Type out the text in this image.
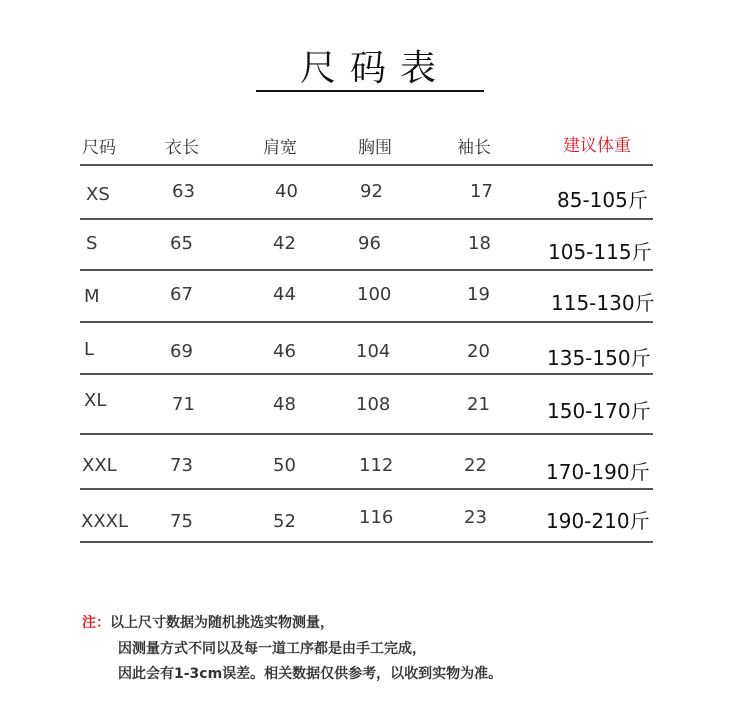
尺码表
尺码	衣长	肩宽	胸围	袖长	建议体重
XS	63	40	92	17	85-105斤
S	65	42	96	18	105-115斤
M	67	44	100	19	115-130斤
L	69	46	104	20	135-150斤
XL	71	48	108	21	150-170斤
XXL	73	50	112	22	170-190斤
XXXL 75	52	116	23	190-210斤
注：以上尺寸数据为随机挑选实物测量，
因测量方式不同以及每一道工序都是由手工完成，
因此会有1-3cm误差。相关数据仅供参考，以收到实物为准。
